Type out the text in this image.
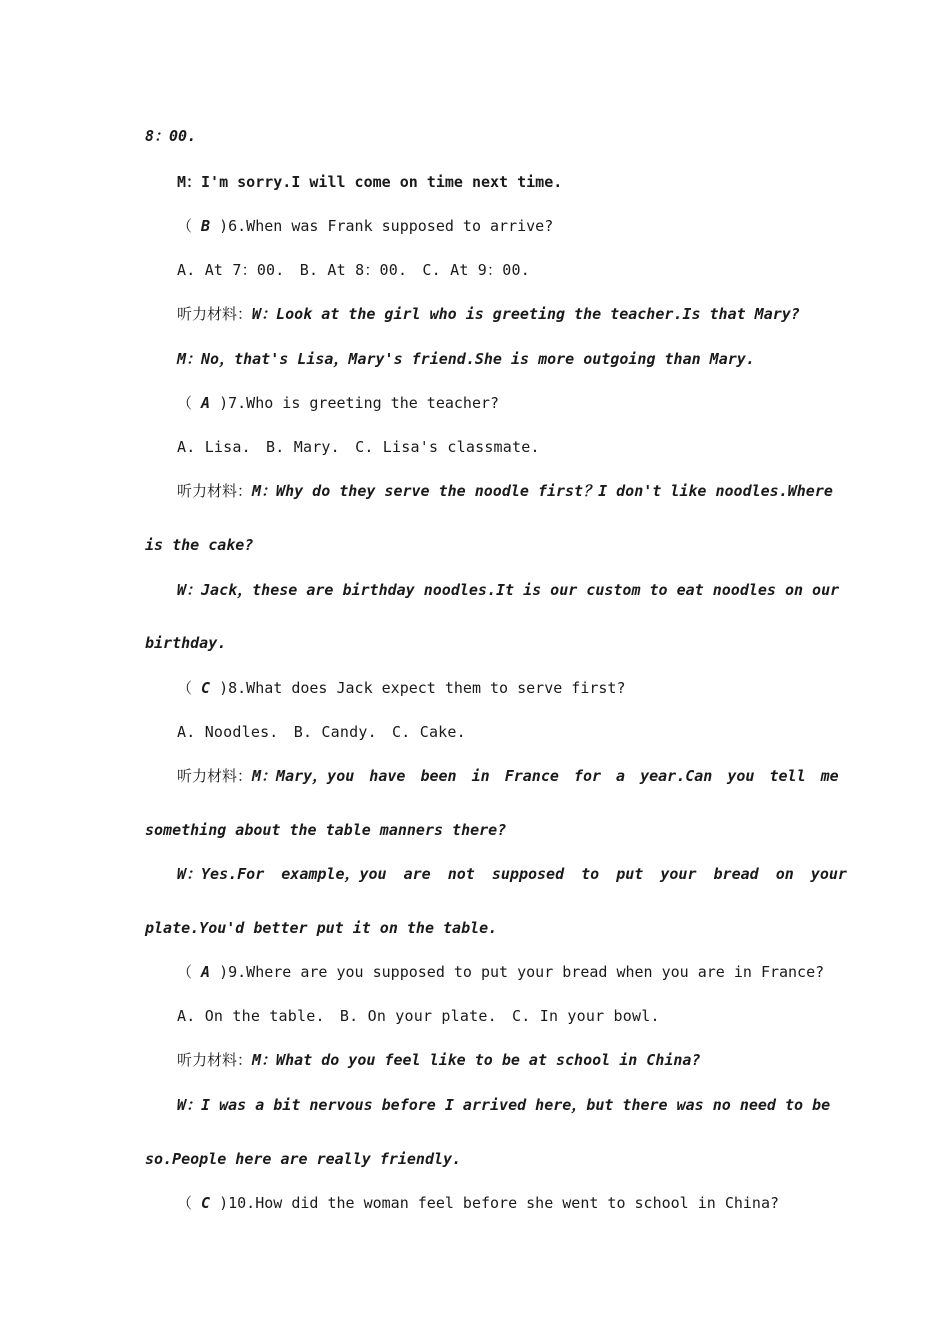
8：00.
M：I'm sorry.I will come on time next time.
（ B )6.When was Frank supposed to arrive?
A. At 7：00.　B. At 8：00.　C. At 9：00.
听力材料：W：Look at the girl who is greeting the teacher.Is that Mary?
M：No，that's Lisa，Mary's friend.She is more outgoing than Mary.
（ A )7.Who is greeting the teacher?
A. Lisa.　B. Mary.　C. Lisa's classmate.
听力材料：M：Why do they serve the noodle first？I don't like noodles.Where
is the cake?
W：Jack，these are birthday noodles.It is our custom to eat noodles on our
birthday.
（ C )8.What does Jack expect them to serve first?
A. Noodles.　B. Candy.　C. Cake.
听力材料：M：Mary，you have been in France for a year.Can you tell me
something about the table manners there?
W：Yes.For example，you are not supposed to put your bread on your
plate.You'd better put it on the table.
（ A )9.Where are you supposed to put your bread when you are in France?
A. On the table.　B. On your plate.　C. In your bowl.
听力材料：M：What do you feel like to be at school in China?
W：I was a bit nervous before I arrived here，but there was no need to be
so.People here are really friendly.
（ C )10.How did the woman feel before she went to school in China?
